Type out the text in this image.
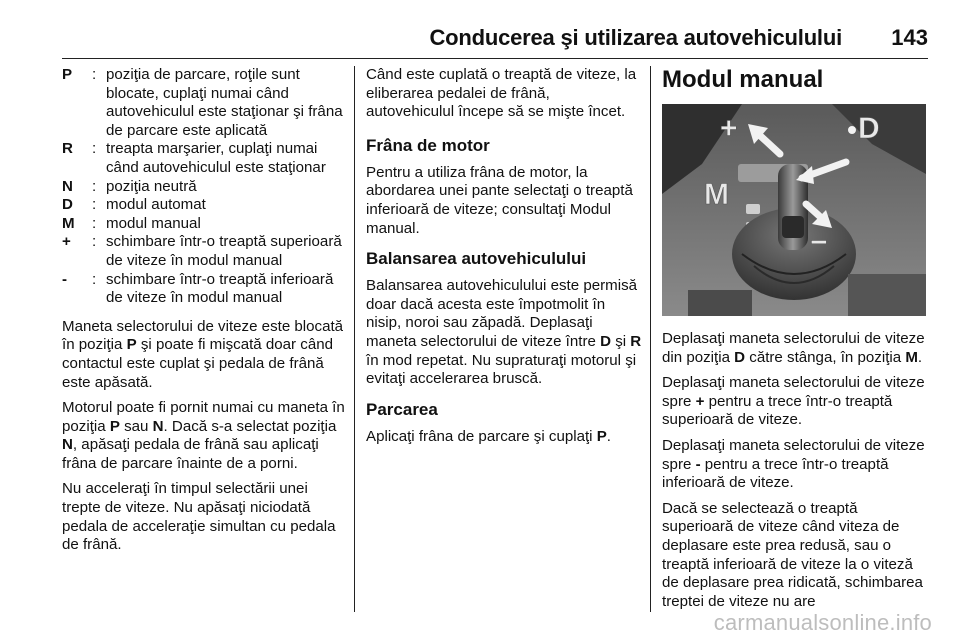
Conducerea şi utilizarea autovehiculului 143
P	: poziţia de parcare, roţile sunt blocate, cuplaţi numai când autovehiculul este staţionar şi frâna de parcare este aplicată
R	: treapta marşarier, cuplaţi numai când autovehiculul este staţionar
N	: poziţia neutră
D	: modul automat
M	: modul manual
+	: schimbare într-o treaptă superioară de viteze în modul manual
-	: schimbare într-o treaptă inferioară de viteze în modul manual

Maneta selectorului de viteze este blocată în poziţia P şi poate fi mişcată doar când contactul este cuplat şi pedala de frână este apăsată.

Motorul poate fi pornit numai cu maneta în poziţia P sau N. Dacă s-a selectat poziţia N, apăsaţi pedala de frână sau aplicaţi frâna de parcare înainte de a porni.

Nu acceleraţi în timpul selectării unei trepte de viteze. Nu apăsaţi niciodată pedala de acceleraţie simultan cu pedala de frână.

Când este cuplată o treaptă de viteze, la eliberarea pedalei de frână, autovehiculul începe să se mişte încet.

Frâna de motor

Pentru a utiliza frâna de motor, la abordarea unei pante selectaţi o treaptă inferioară de viteze; consultaţi Modul manual.

Balansarea autovehiculului

Balansarea autovehiculului este permisă doar dacă acesta este împotmolit în nisip, noroi sau zăpadă. Deplasaţi maneta selectorului de viteze între D şi R în mod repetat. Nu supraturaţi motorul şi evitaţi accelerarea bruscă.

Parcarea

Aplicaţi frâna de parcare şi cuplaţi P.

Modul manual
+	D
M
−

Deplasaţi maneta selectorului de viteze din poziţia D către stânga, în poziţia M.

Deplasaţi maneta selectorului de viteze spre + pentru a trece într-o treaptă superioară de viteze.

Deplasaţi maneta selectorului de viteze spre - pentru a trece într-o treaptă inferioară de viteze.

Dacă se selectează o treaptă superioară de viteze când viteza de deplasare este prea redusă, sau o treaptă inferioară de viteze la o viteză de deplasare prea ridicată, schimbarea treptei de viteze nu are

carmanualsonline.info
